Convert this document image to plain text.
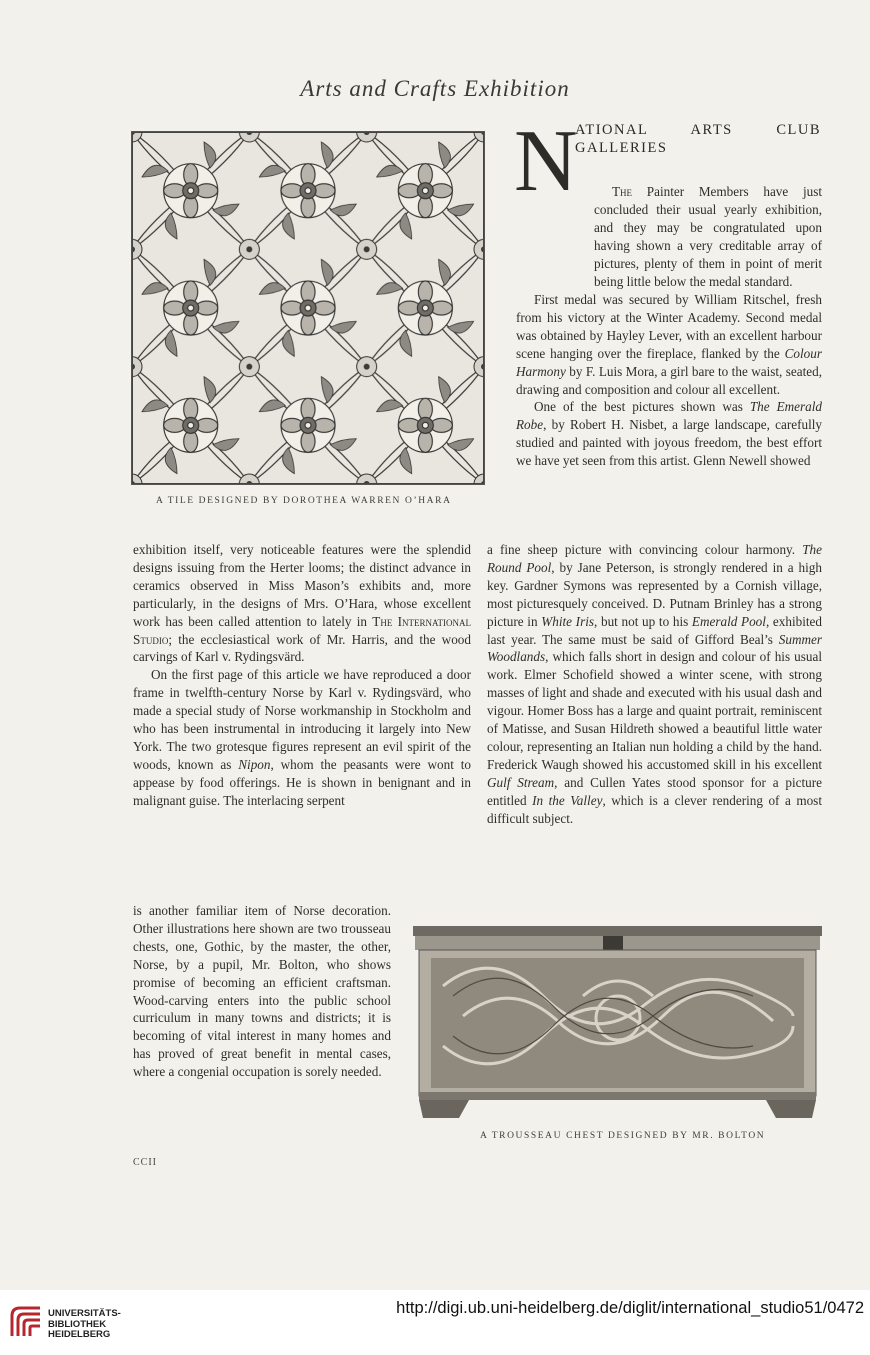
Arts and Crafts Exhibition
A TILE DESIGNED BY DOROTHEA WARREN O’HARA
N
ATIONAL ARTS CLUB GALLERIES

The Painter Members have just concluded their usual yearly exhibition, and they may be congratulated upon having shown a very creditable array of pictures, plenty of them in point of merit being little below the medal standard.

First medal was secured by William Ritschel, fresh from his victory at the Winter Academy. Second medal was obtained by Hayley Lever, with an excellent harbour scene hanging over the fireplace, flanked by the Colour Harmony by F. Luis Mora, a girl bare to the waist, seated, drawing and composition and colour all excellent.

One of the best pictures shown was The Emerald Robe, by Robert H. Nisbet, a large landscape, carefully studied and painted with joyous freedom, the best effort we have yet seen from this artist. Glenn Newell showed

a fine sheep picture with convincing colour harmony. The Round Pool, by Jane Peterson, is strongly rendered in a high key. Gardner Symons was represented by a Cornish village, most picturesquely conceived. D. Putnam Brinley has a strong picture in White Iris, but not up to his Emerald Pool, exhibited last year. The same must be said of Gifford Beal’s Summer Woodlands, which falls short in design and colour of his usual work. Elmer Schofield showed a winter scene, with strong masses of light and shade and executed with his usual dash and vigour. Homer Boss has a large and quaint portrait, reminiscent of Matisse, and Susan Hildreth showed a beautiful little water colour, representing an Italian nun holding a child by the hand. Frederick Waugh showed his accustomed skill in his excellent Gulf Stream, and Cullen Yates stood sponsor for a picture entitled In the Valley, which is a clever rendering of a most difficult subject.

exhibition itself, very noticeable features were the splendid designs issuing from the Herter looms; the distinct advance in ceramics observed in Miss Mason’s exhibits and, more particularly, in the designs of Mrs. O’Hara, whose excellent work has been called attention to lately in The International Studio; the ecclesiastical work of Mr. Harris, and the wood carvings of Karl v. Rydingsvärd.

On the first page of this article we have reproduced a door frame in twelfth-century Norse by Karl v. Rydingsvärd, who made a special study of Norse workmanship in Stockholm and who has been instrumental in introducing it largely into New York. The two grotesque figures represent an evil spirit of the woods, known as Nipon, whom the peasants were wont to appease by food offerings. He is shown in benignant and in malignant guise. The interlacing serpent

is another familiar item of Norse decoration. Other illustrations here shown are two trousseau chests, one, Gothic, by the master, the other, Norse, by a pupil, Mr. Bolton, who shows promise of becoming an efficient craftsman. Wood-carving enters into the public school curriculum in many towns and districts; it is becoming of vital interest in many homes and has proved of great benefit in mental cases, where a congenial occupation is sorely needed.

A TROUSSEAU CHEST DESIGNED BY MR. BOLTON
CCII
UNIVERSITÄTS-
BIBLIOTHEK
HEIDELBERG
http://digi.ub.uni-heidelberg.de/diglit/international_studio51/0472
